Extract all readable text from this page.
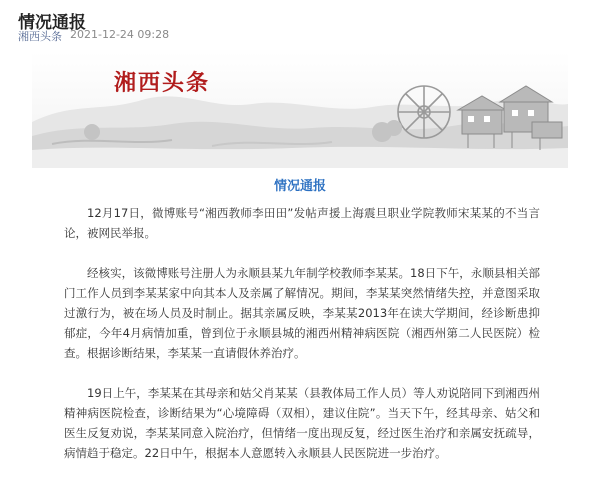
情况通报
湘西头条 2021-12-24 09:28
湘西头条
情况通报

12月17日，微博账号“湘西教师李田田”发帖声援上海震旦职业学院教师宋某某的不当言论，被网民举报。

经核实，该微博账号注册人为永顺县某九年制学校教师李某某。18日下午，永顺县相关部门工作人员到李某某家中向其本人及亲属了解情况。期间，李某某突然情绪失控，并意图采取过激行为，被在场人员及时制止。据其亲属反映，李某某2013年在读大学期间，经诊断患抑郁症，今年4月病情加重，曾到位于永顺县城的湘西州精神病医院（湘西州第二人民医院）检查。根据诊断结果，李某某一直请假休养治疗。

19日上午，李某某在其母亲和姑父肖某某（县教体局工作人员）等人劝说陪同下到湘西州精神病医院检查，诊断结果为“心境障碍（双相），建议住院”。当天下午，经其母亲、姑父和医生反复劝说，李某某同意入院治疗，但情绪一度出现反复，经过医生治疗和亲属安抚疏导，病情趋于稳定。22日中午，根据本人意愿转入永顺县人民医院进一步治疗。
